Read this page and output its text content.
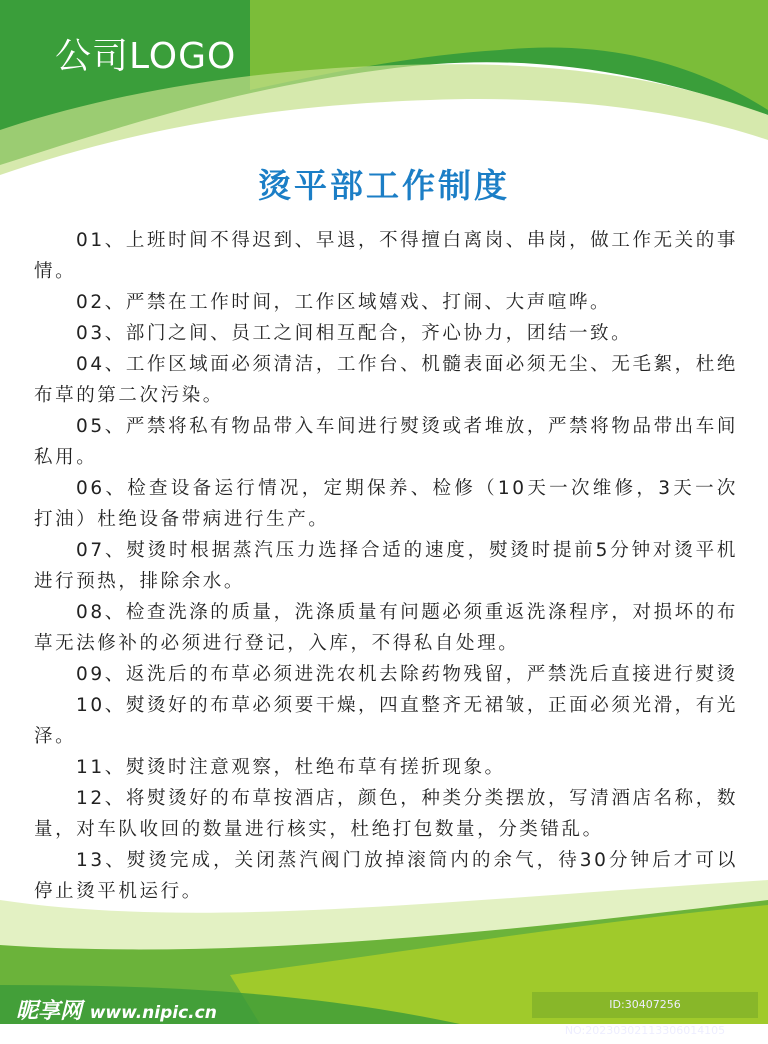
公司LOGO
烫平部工作制度

01、上班时间不得迟到、早退，不得擅白离岗、串岗，做工作无关的事情。

02、严禁在工作时间，工作区域嬉戏、打闹、大声喧哗。

03、部门之间、员工之间相互配合，齐心协力，团结一致。

04、工作区域面必须清洁，工作台、机髓表面必须无尘、无毛絮，杜绝布草的第二次污染。

05、严禁将私有物品带入车间进行熨烫或者堆放，严禁将物品带出车间私用。

06、检查设备运行情况，定期保养、检修（10天一次维修，3天一次打油）杜绝设备带病进行生产。

07、熨烫时根据蒸汽压力选择合适的速度，熨烫时提前5分钟对烫平机进行预热，排除余水。

08、检查洗涤的质量，洗涤质量有问题必须重返洗涤程序，对损坏的布草无法修补的必须进行登记，入库，不得私自处理。

09、返洗后的布草必须进洗农机去除药物残留，严禁洗后直接进行熨烫

10、熨烫好的布草必须要干燥，四直整齐无裙皱，正面必须光滑，有光泽。

11、熨烫时注意观察，杜绝布草有搓折现象。

12、将熨烫好的布草按酒店，颜色，种类分类摆放，写清酒店名称，数量，对车队收回的数量进行核实，杜绝打包数量，分类错乱。

13、熨烫完成，关闭蒸汽阀门放掉滚筒内的余气，待30分钟后才可以停止烫平机运行。

昵享网 www.nipic.cn	ID:30407256 NO:20230302113306014105
